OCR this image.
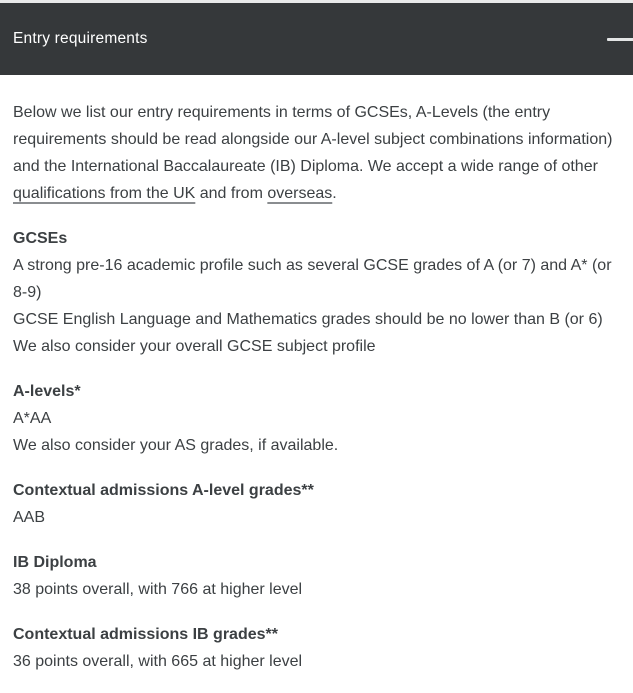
Entry requirements

Below we list our entry requirements in terms of GCSEs, A-Levels (the entry requirements should be read alongside our A-level subject combinations information) and the International Baccalaureate (IB) Diploma. We accept a wide range of other qualifications from the UK and from overseas.

GCSEs
A strong pre-16 academic profile such as several GCSE grades of A (or 7) and A* (or 8-9)
GCSE English Language and Mathematics grades should be no lower than B (or 6)
We also consider your overall GCSE subject profile
A-levels*
A*AA
We also consider your AS grades, if available.
Contextual admissions A-level grades**
AAB
IB Diploma
38 points overall, with 766 at higher level
Contextual admissions IB grades**
36 points overall, with 665 at higher level
